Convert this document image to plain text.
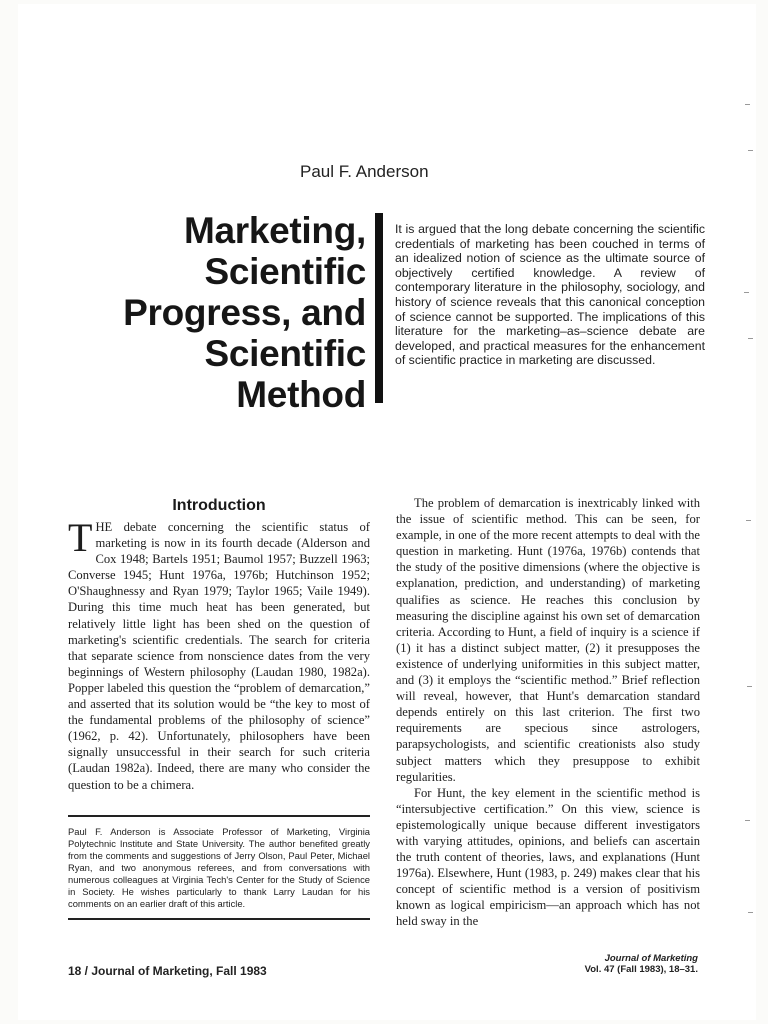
Paul F. Anderson
Marketing,
Scientific
Progress, and
Scientific
Method
It is argued that the long debate concerning the scientific credentials of marketing has been couched in terms of an idealized notion of science as the ultimate source of objectively certified knowledge. A review of contemporary literature in the philosophy, sociology, and history of science reveals that this canonical conception of science cannot be supported. The implications of this literature for the marketing–as–science debate are developed, and practical measures for the enhancement of scientific practice in marketing are discussed.
Introduction

THE debate concerning the scientific status of marketing is now in its fourth decade (Alderson and Cox 1948; Bartels 1951; Baumol 1957; Buzzell 1963; Converse 1945; Hunt 1976a, 1976b; Hutchinson 1952; O'Shaughnessy and Ryan 1979; Taylor 1965; Vaile 1949). During this time much heat has been generated, but relatively little light has been shed on the question of marketing's scientific credentials. The search for criteria that separate science from nonscience dates from the very beginnings of Western philosophy (Laudan 1980, 1982a). Popper labeled this question the “problem of demarcation,” and asserted that its solution would be “the key to most of the fundamental problems of the philosophy of science” (1962, p. 42). Unfortunately, philosophers have been signally unsuccessful in their search for such criteria (Laudan 1982a). Indeed, there are many who consider the question to be a chimera.

Paul F. Anderson is Associate Professor of Marketing, Virginia Polytechnic Institute and State University. The author benefited greatly from the comments and suggestions of Jerry Olson, Paul Peter, Michael Ryan, and two anonymous referees, and from conversations with numerous colleagues at Virginia Tech's Center for the Study of Science in Society. He wishes particularly to thank Larry Laudan for his comments on an earlier draft of this article.

The problem of demarcation is inextricably linked with the issue of scientific method. This can be seen, for example, in one of the more recent attempts to deal with the question in marketing. Hunt (1976a, 1976b) contends that the study of the positive dimensions (where the objective is explanation, prediction, and understanding) of marketing qualifies as science. He reaches this conclusion by measuring the discipline against his own set of demarcation criteria. According to Hunt, a field of inquiry is a science if (1) it has a distinct subject matter, (2) it presupposes the existence of underlying uniformities in this subject matter, and (3) it employs the “scientific method.” Brief reflection will reveal, however, that Hunt's demarcation standard depends entirely on this last criterion. The first two requirements are specious since astrologers, parapsychologists, and scientific creationists also study subject matters which they presuppose to exhibit regularities.

For Hunt, the key element in the scientific method is “intersubjective certification.” On this view, science is epistemologically unique because different investigators with varying attitudes, opinions, and beliefs can ascertain the truth content of theories, laws, and explanations (Hunt 1976a). Elsewhere, Hunt (1983, p. 249) makes clear that his concept of scientific method is a version of positivism known as logical empiricism—an approach which has not held sway in the

18 / Journal of Marketing, Fall 1983
Journal of Marketing
Vol. 47 (Fall 1983), 18–31.
